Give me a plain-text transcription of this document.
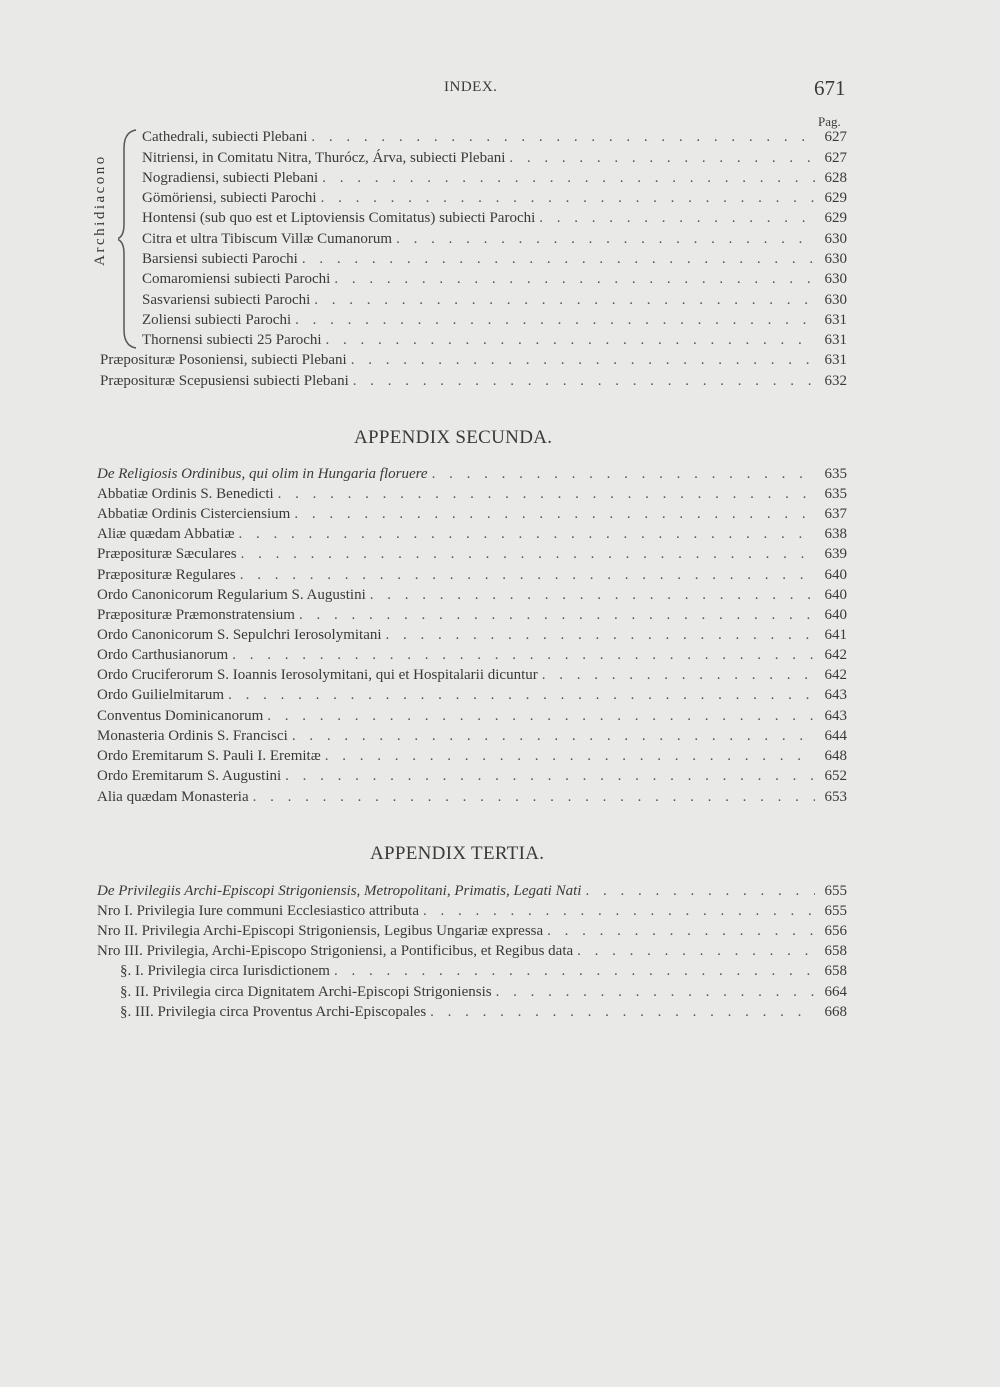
INDEX.	671
Pag.
Archidiacono
Cathedrali, subiecti Plebani . . .	627
Nitriensi, in Comitatu Nitra, Thurócz, Árva, subiecti Plebani . . .	627
Nogradiensi, subiecti Plebani . . .	628
Gömöriensi, subiecti Parochi . . .	629
Hontensi (sub quo est et Liptoviensis Comitatus) subiecti Parochi . . .	629
Citra et ultra Tibiscum Villæ Cumanorum . . .	630
Barsiensi subiecti Parochi . . .	630
Comaromiensi subiecti Parochi . . .	630
Sasvariensi subiecti Parochi . . .	630
Zoliensi subiecti Parochi . . .	631
Thornensi subiecti 25 Parochi . . .	631
Præposituræ Posoniensi, subiecti Plebani . . .	631
Præposituræ Scepusiensi subiecti Plebani . . .	632
APPENDIX SECUNDA.
De Religiosis Ordinibus, qui olim in Hungaria floruere . . .	635
Abbatiæ Ordinis S. Benedicti . . .	635
Abbatiæ Ordinis Cisterciensium . . .	637
Aliæ quædam Abbatiæ . . .	638
Præposituræ Sæculares . . .	639
Præposituræ Regulares . . .	640
Ordo Canonicorum Regularium S. Augustini . . .	640
Præposituræ Præmonstratensium . . .	640
Ordo Canonicorum S. Sepulchri Ierosolymitani . . .	641
Ordo Carthusianorum . . .	642
Ordo Cruciferorum S. Ioannis Ierosolymitani, qui et Hospitalarii dicuntur . . .	642
Ordo Guilielmitarum . . .	643
Conventus Dominicanorum . . .	643
Monasteria Ordinis S. Francisci . . .	644
Ordo Eremitarum S. Pauli I. Eremitæ . . .	648
Ordo Eremitarum S. Augustini . . .	652
Alia quædam Monasteria . . .	653
APPENDIX TERTIA.
De Privilegiis Archi-Episcopi Strigoniensis, Metropolitani, Primatis, Legati Nati . . .	655
Nro I. Privilegia Iure communi Ecclesiastico attributa . . .	655
Nro II. Privilegia Archi-Episcopi Strigoniensis, Legibus Ungariæ expressa . . .	656
Nro III. Privilegia, Archi-Episcopo Strigoniensi, a Pontificibus, et Regibus data . . .	658
§. I. Privilegia circa Iurisdictionem . . .	658
§. II. Privilegia circa Dignitatem Archi-Episcopi Strigoniensis . . .	664
§. III. Privilegia circa Proventus Archi-Episcopales . . .	668
